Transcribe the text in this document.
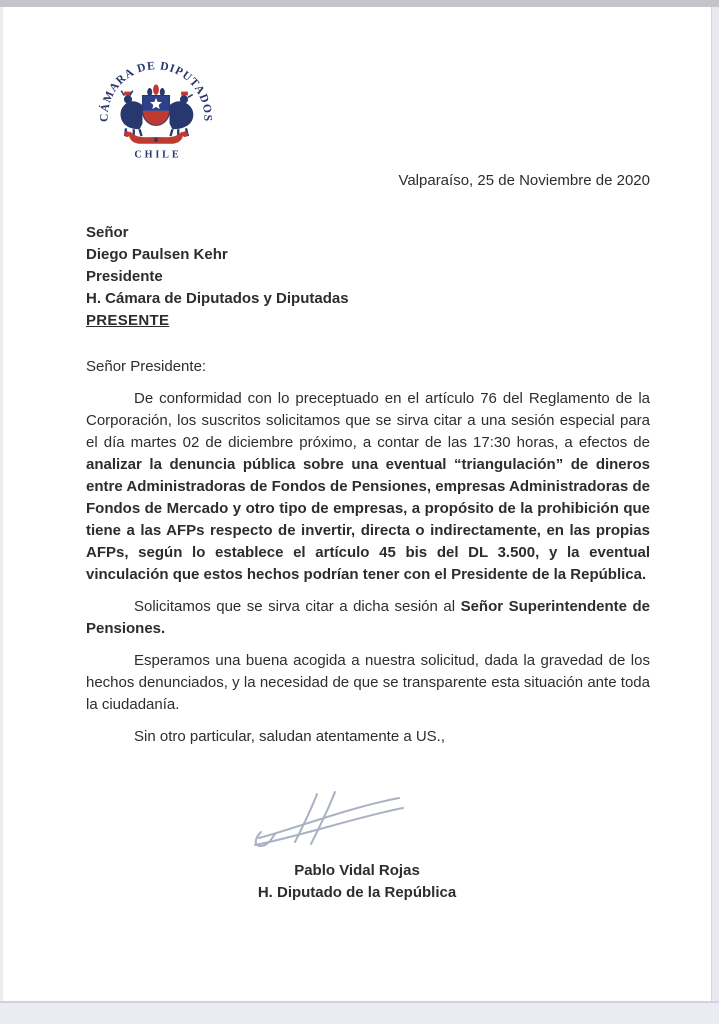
CÁMARA DE DIPUTADOS
CHILE
Valparaíso, 25 de Noviembre de 2020
Señor
Diego Paulsen Kehr
Presidente
H. Cámara de Diputados y Diputadas
PRESENTE
Señor Presidente:

De conformidad con lo preceptuado en el artículo 76 del Reglamento de la Corporación, los suscritos solicitamos que se sirva citar a una sesión especial para el día martes 02 de diciembre próximo, a contar de las 17:30 horas, a efectos de analizar la denuncia pública sobre una eventual “triangulación” de dineros entre Administradoras de Fondos de Pensiones, empresas Administradoras de Fondos de Mercado y otro tipo de empresas, a propósito de la prohibición que tiene a las AFPs respecto de invertir, directa o indirectamente, en las propias AFPs, según lo establece el artículo 45 bis del DL 3.500, y la eventual vinculación que estos hechos podrían tener con el Presidente de la República.

Solicitamos que se sirva citar a dicha sesión al Señor Superintendente de Pensiones.

Esperamos una buena acogida a nuestra solicitud, dada la gravedad de los hechos denunciados, y la necesidad de que se transparente esta situación ante toda la ciudadanía.

Sin otro particular, saludan atentamente a US.,

Pablo Vidal Rojas
H. Diputado de la República
